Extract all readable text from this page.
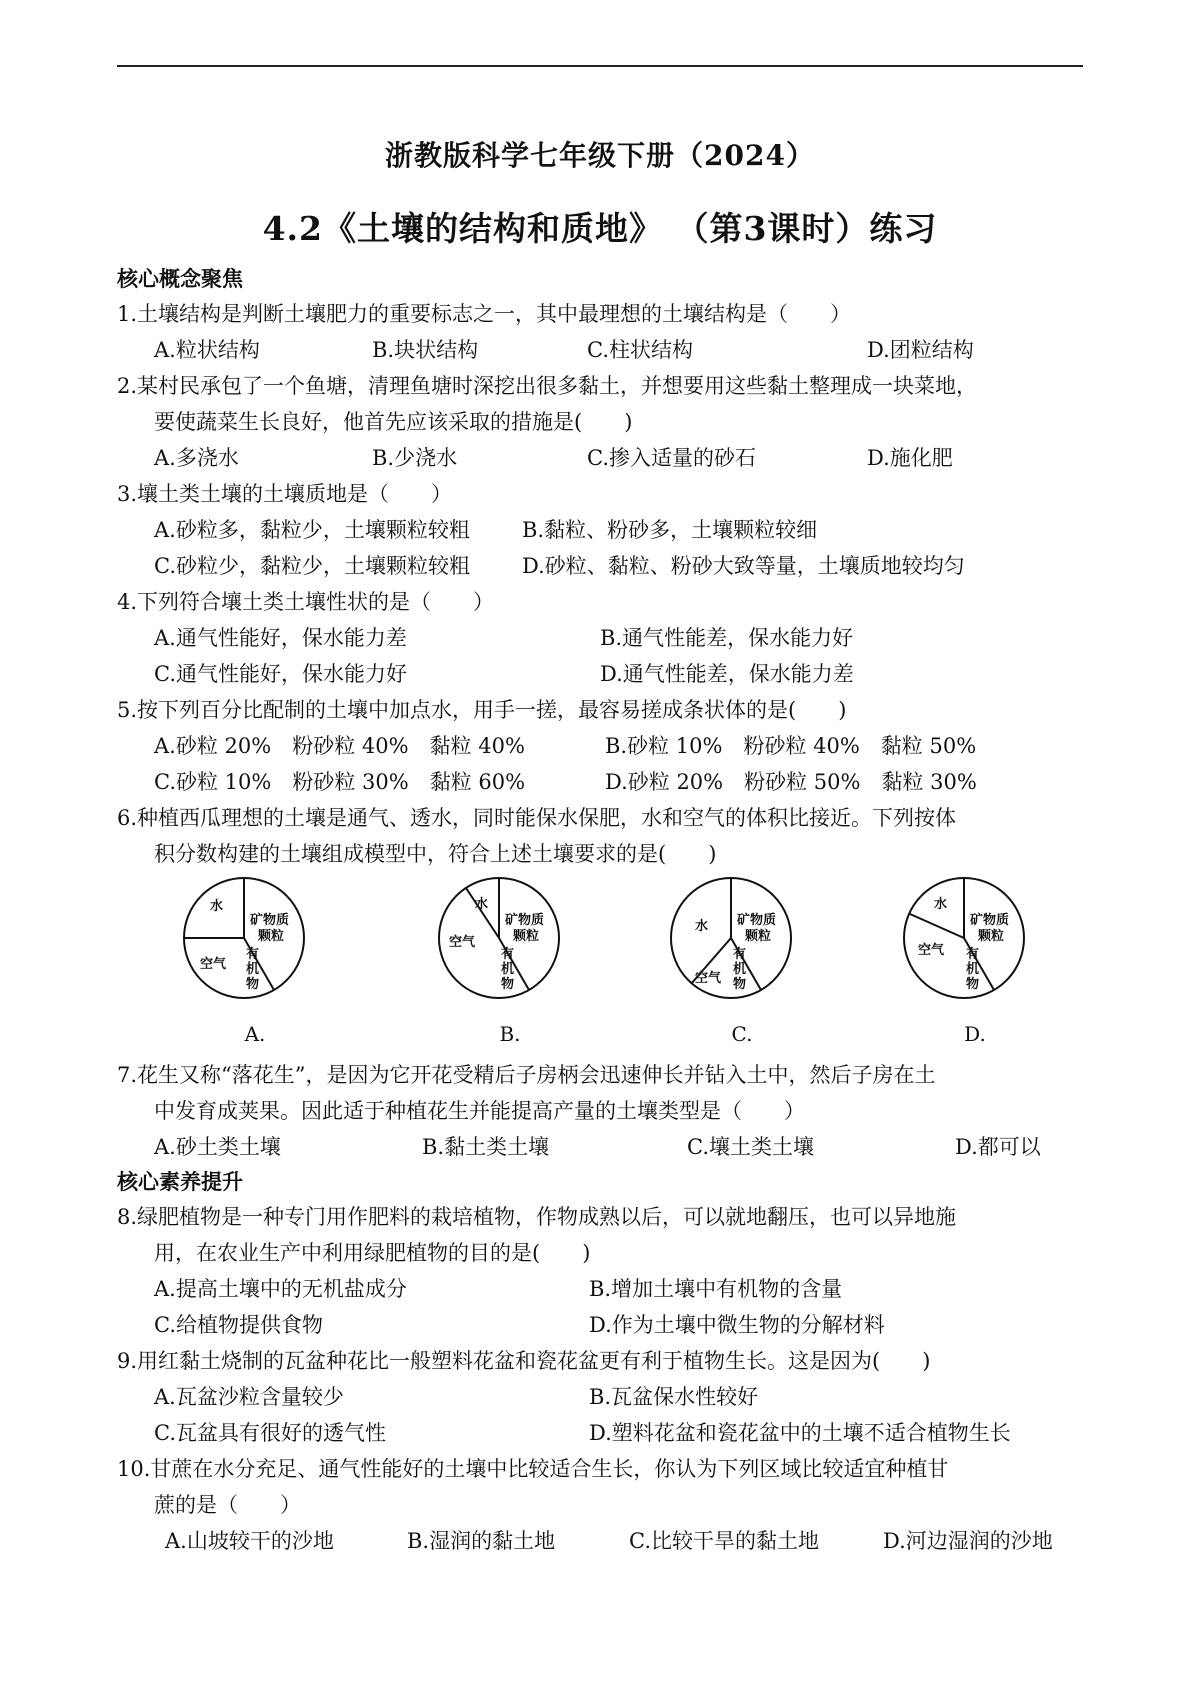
浙教版科学七年级下册（2024）
4.2《土壤的结构和质地》 （第3课时）练习
核心概念聚焦
1.土壤结构是判断土壤肥力的重要标志之一，其中最理想的土壤结构是（　　）
A.粒状结构	B.块状结构	C.柱状结构	D.团粒结构
2.某村民承包了一个鱼塘，清理鱼塘时深挖出很多黏土，并想要用这些黏土整理成一块菜地，
要使蔬菜生长良好，他首先应该采取的措施是(　　)
A.多浇水	B.少浇水	C.掺入适量的砂石	D.施化肥
3.壤土类土壤的土壤质地是（　　）
A.砂粒多，黏粒少，土壤颗粒较粗 B.黏粒、粉砂多，土壤颗粒较细
C.砂粒少，黏粒少，土壤颗粒较粗 D.砂粒、黏粒、粉砂大致等量，土壤质地较均匀
4.下列符合壤土类土壤性状的是（　　）
A.通气性能好，保水能力差	B.通气性能差，保水能力好
C.通气性能好，保水能力好	D.通气性能差，保水能力差
5.按下列百分比配制的土壤中加点水，用手一搓，最容易搓成条状体的是(　　)
A.砂粒 20%　粉砂粒 40%　黏粒 40%	B.砂粒 10%　粉砂粒 40%　黏粒 50%
C.砂粒 10%　粉砂粒 30%　黏粒 60%	D.砂粒 20%　粉砂粒 50%　黏粒 30%
6.种植西瓜理想的土壤是通气、透水，同时能保水保肥，水和空气的体积比接近。下列按体
积分数构建的土壤组成模型中，符合上述土壤要求的是(　　)
水
矿物质
颗粒
空气
有
机
物
A.
水
矿物质
颗粒
空气
有
机
物
B.
水 矿物质
颗粒
空气
有
机
物
C.
水
矿物质
颗粒
空气 有
机
物
D.
7.花生又称“落花生”，是因为它开花受精后子房柄会迅速伸长并钻入土中，然后子房在土
中发育成荚果。因此适于种植花生并能提高产量的土壤类型是（　　）
A.砂土类土壤	B.黏土类土壤	C.壤土类土壤	D.都可以
核心素养提升
8.绿肥植物是一种专门用作肥料的栽培植物，作物成熟以后，可以就地翻压，也可以异地施
用，在农业生产中利用绿肥植物的目的是(　　)
A.提高土壤中的无机盐成分	B.增加土壤中有机物的含量
C.给植物提供食物	D.作为土壤中微生物的分解材料
9.用红黏土烧制的瓦盆种花比一般塑料花盆和瓷花盆更有利于植物生长。这是因为(　　)
A.瓦盆沙粒含量较少	B.瓦盆保水性较好
C.瓦盆具有很好的透气性	D.塑料花盆和瓷花盆中的土壤不适合植物生长
10.甘蔗在水分充足、通气性能好的土壤中比较适合生长，你认为下列区域比较适宜种植甘
蔗的是（　　）
A.山坡较干的沙地	B.湿润的黏土地	C.比较干旱的黏土地	D.河边湿润的沙地
